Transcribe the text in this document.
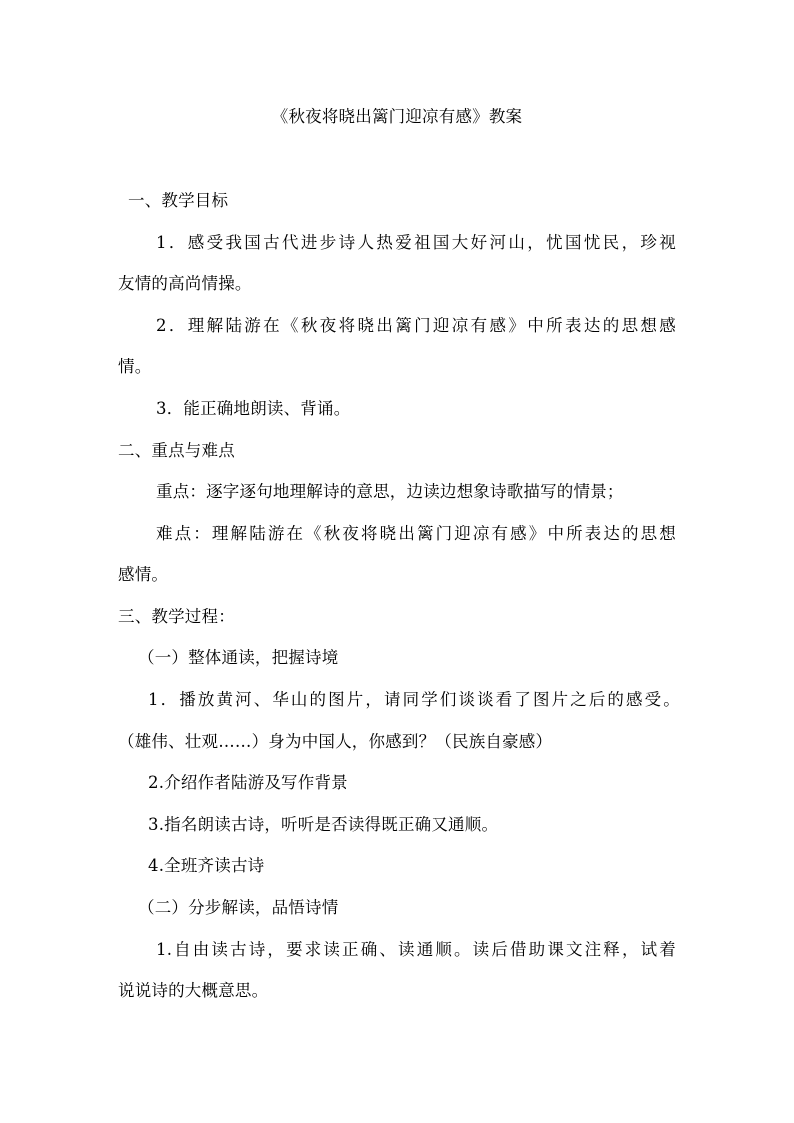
《秋夜将晓出篱门迎凉有感》教案
一、教学目标
1．感受我国古代进步诗人热爱祖国大好河山，忧国忧民，珍视
友情的高尚情操。
2．理解陆游在《秋夜将晓出篱门迎凉有感》中所表达的思想感
情。
3．能正确地朗读、背诵。
二、重点与难点
重点：逐字逐句地理解诗的意思，边读边想象诗歌描写的情景；
难点：理解陆游在《秋夜将晓出篱门迎凉有感》中所表达的思想
感情。
三、教学过程：
（一）整体通读，把握诗境
1．播放黄河、华山的图片，请同学们谈谈看了图片之后的感受。
（雄伟、壮观……）身为中国人，你感到？（民族自豪感）
2.介绍作者陆游及写作背景
3.指名朗读古诗，听听是否读得既正确又通顺。
4.全班齐读古诗
（二）分步解读，品悟诗情
1.自由读古诗，要求读正确、读通顺。读后借助课文注释，试着
说说诗的大概意思。
